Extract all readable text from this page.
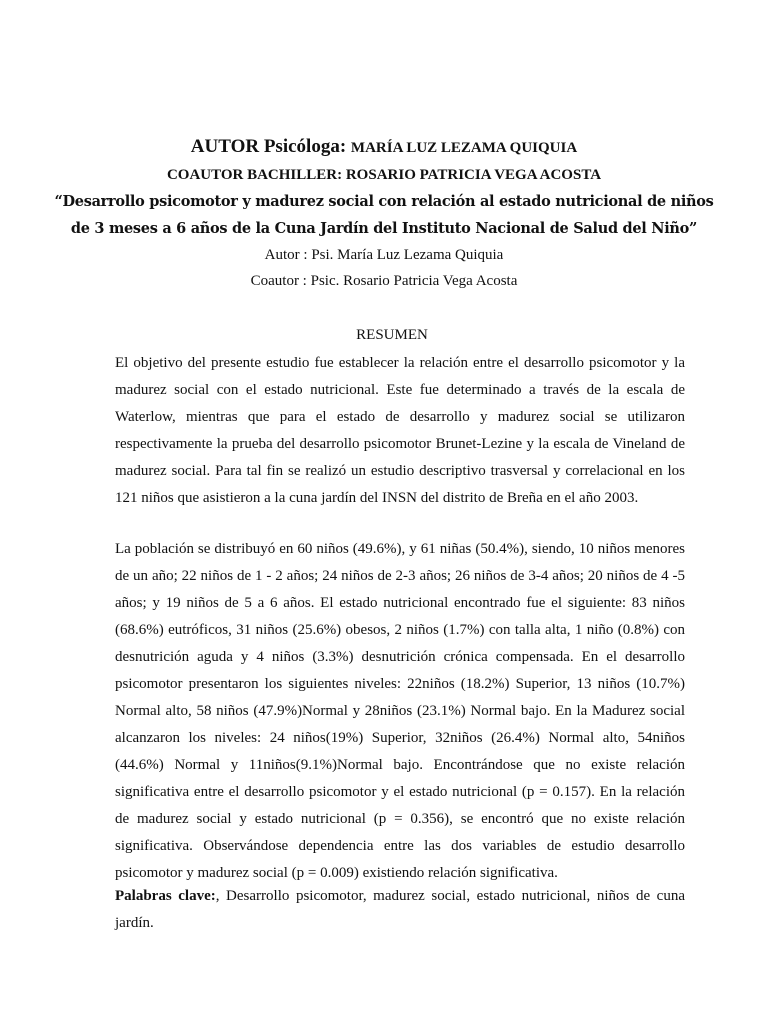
AUTOR Psicóloga: MARÍA LUZ LEZAMA QUIQUIA
COAUTOR BACHILLER: ROSARIO PATRICIA VEGA ACOSTA
“Desarrollo psicomotor y madurez social con relación al estado nutricional de niños
de 3 meses a 6 años de la Cuna Jardín del Instituto Nacional de Salud del Niño”
Autor : Psi. María Luz Lezama Quiquia
Coautor : Psic. Rosario Patricia Vega Acosta
RESUMEN
El objetivo del presente estudio fue establecer la relación entre el desarrollo psicomotor y la madurez social con el estado nutricional. Este fue determinado a través de la escala de Waterlow, mientras que para el estado de desarrollo y madurez social se utilizaron respectivamente la prueba del desarrollo psicomotor Brunet-Lezine y la escala de Vineland de madurez social. Para tal fin se realizó un estudio descriptivo trasversal y correlacional en los 121 niños que asistieron a la cuna jardín del INSN del distrito de Breña en el año 2003.
La población se distribuyó en 60 niños (49.6%), y 61 niñas (50.4%), siendo, 10 niños menores de un año; 22 niños de 1 - 2 años; 24 niños de 2-3 años; 26 niños de 3-4 años; 20 niños de 4 -5 años; y 19 niños de 5 a 6 años. El estado nutricional encontrado fue el siguiente: 83 niños (68.6%) eutróficos, 31 niños (25.6%) obesos, 2 niños (1.7%) con talla alta, 1 niño (0.8%) con desnutrición aguda y 4 niños (3.3%) desnutrición crónica compensada. En el desarrollo psicomotor presentaron los siguientes niveles: 22niños (18.2%) Superior, 13 niños (10.7%) Normal alto, 58 niños (47.9%)Normal y 28niños (23.1%) Normal bajo. En la Madurez social alcanzaron los niveles: 24 niños(19%) Superior, 32niños (26.4%) Normal alto, 54niños (44.6%) Normal y 11niños(9.1%)Normal bajo. Encontrándose que no existe relación significativa entre el desarrollo psicomotor y el estado nutricional (p = 0.157). En la relación de madurez social y estado nutricional (p = 0.356), se encontró que no existe relación significativa. Observándose dependencia entre las dos variables de estudio desarrollo psicomotor y madurez social (p = 0.009) existiendo relación significativa.
Palabras clave:, Desarrollo psicomotor, madurez social, estado nutricional, niños de cuna jardín.
